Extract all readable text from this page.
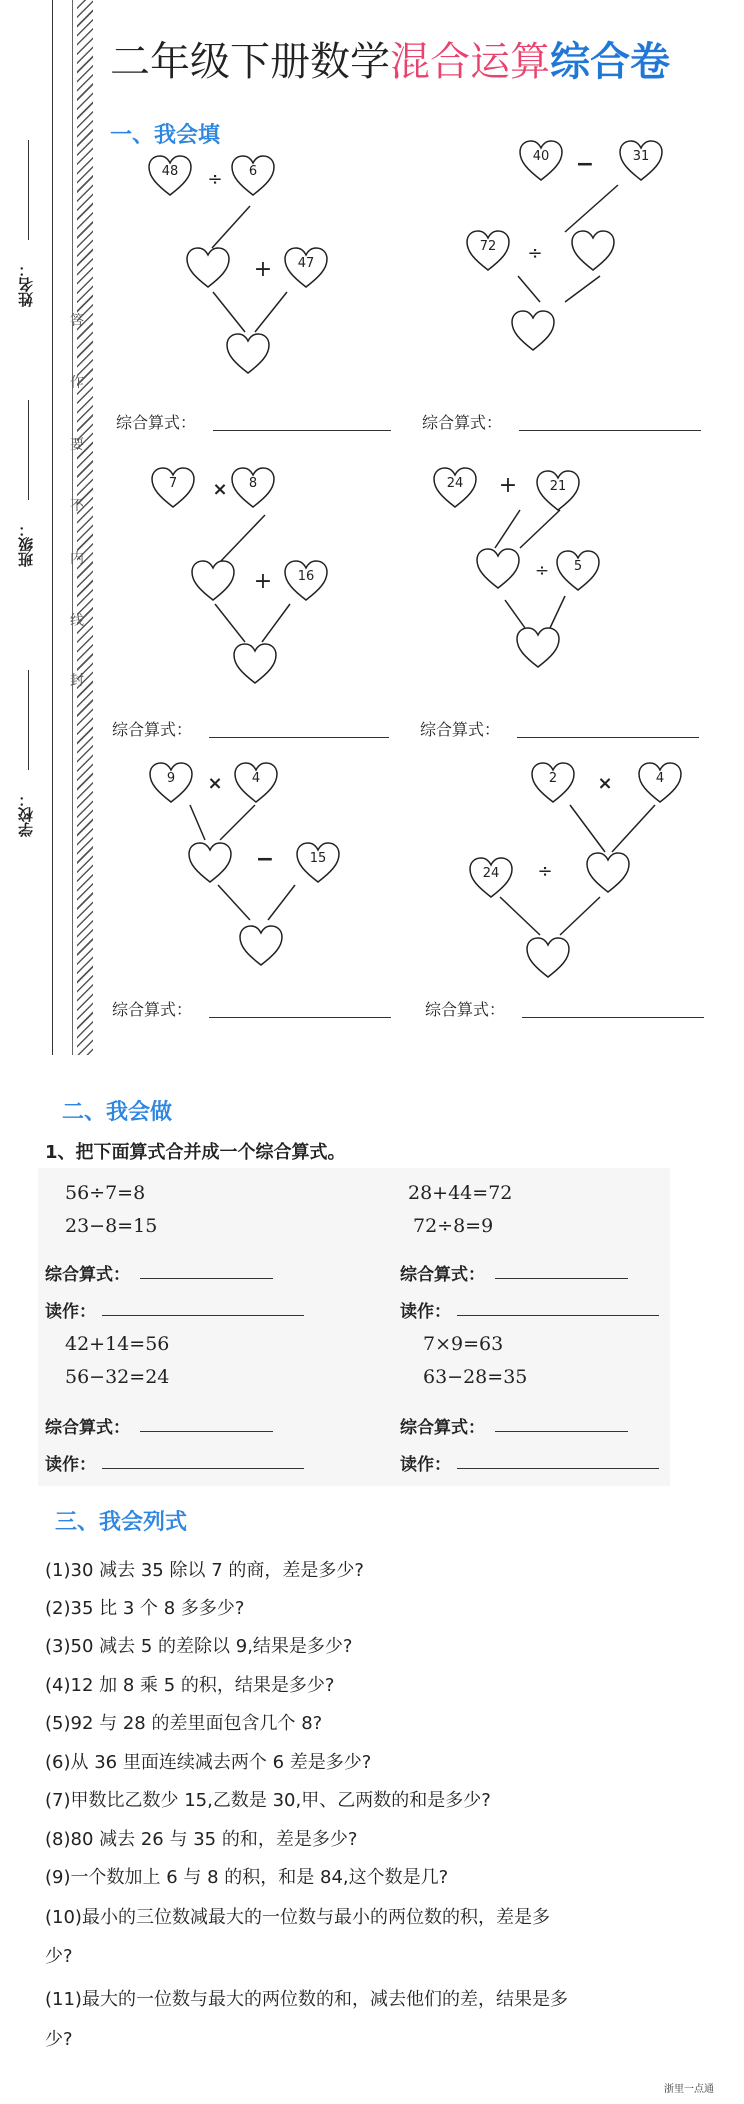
姓名：
班级：
学校：
答
作
要
不
内
线
封
二年级下册数学混合运算综合卷
一、我会填
48	÷	6
+	47
综合算式：
40	−	31
72	÷
综合算式：
7	×	8
+	16
综合算式：
24	+	21
÷	5
综合算式：
9	×	4
−	15
综合算式：
2	×	4
24	÷
综合算式：
二、我会做
1、把下面算式合并成一个综合算式。
56÷7=8
23−8=15
28+44=72
72÷8=9
综合算式：
读作：
综合算式：
读作：
42+14=56
56−32=24
7×9=63
63−28=35
综合算式：
读作：
综合算式：
读作：
三、我会列式
(1)30 减去 35 除以 7 的商，差是多少?
(2)35 比 3 个 8 多多少?
(3)50 减去 5 的差除以 9,结果是多少?
(4)12 加 8 乘 5 的积，结果是多少?
(5)92 与 28 的差里面包含几个 8?
(6)从 36 里面连续减去两个 6 差是多少?
(7)甲数比乙数少 15,乙数是 30,甲、乙两数的和是多少?
(8)80 减去 26 与 35 的和，差是多少?
(9)一个数加上 6 与 8 的积，和是 84,这个数是几?
(10)最小的三位数减最大的一位数与最小的两位数的积，差是多
少?
(11)最大的一位数与最大的两位数的和，减去他们的差，结果是多
少?
浙里一点通
